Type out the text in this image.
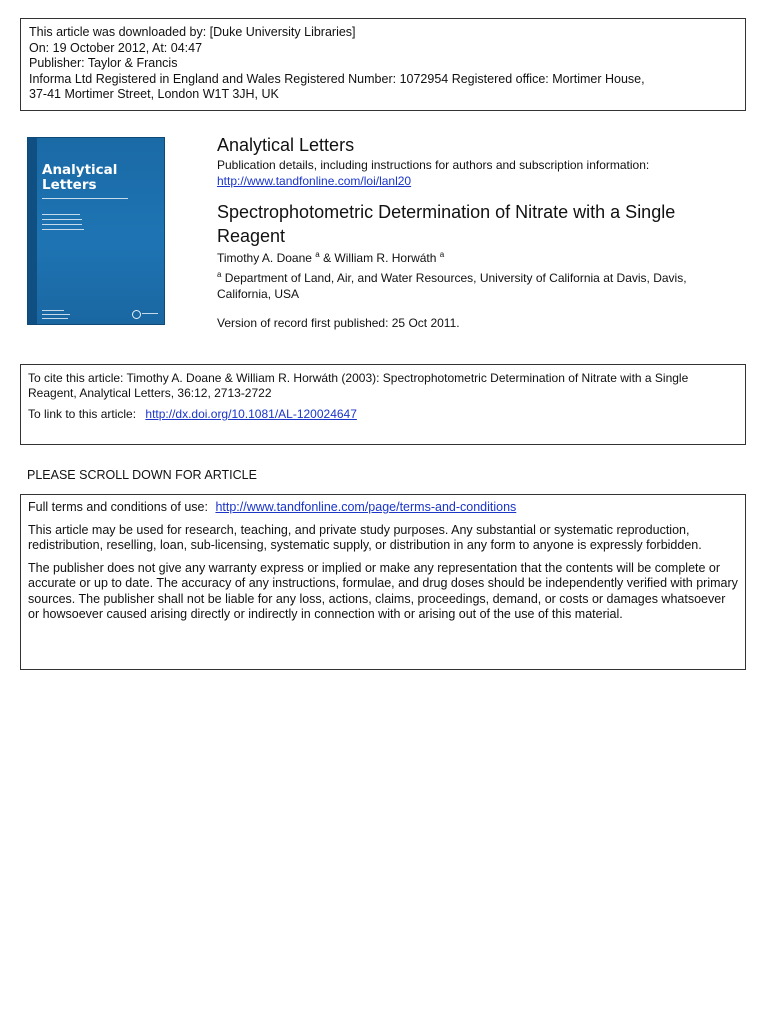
This article was downloaded by: [Duke University Libraries]
On: 19 October 2012, At: 04:47
Publisher: Taylor & Francis
Informa Ltd Registered in England and Wales Registered Number: 1072954 Registered office: Mortimer House,
37-41 Mortimer Street, London W1T 3JH, UK
Analytical
Letters
Analytical Letters
Publication details, including instructions for authors and subscription information:
http://www.tandfonline.com/loi/lanl20
Spectrophotometric Determination of Nitrate with a Single Reagent
Timothy A. Doane $^a$ & William R. Horwáth $^a$
$^a$ Department of Land, Air, and Water Resources, University of California at Davis, Davis, California, USA
Version of record first published: 25 Oct 2011.
To cite this article: Timothy A. Doane & William R. Horwáth (2003): Spectrophotometric Determination of Nitrate with a Single Reagent, Analytical Letters, 36:12, 2713-2722
To link to this article: http://dx.doi.org/10.1081/AL-120024647
PLEASE SCROLL DOWN FOR ARTICLE
Full terms and conditions of use: http://www.tandfonline.com/page/terms-and-conditions
This article may be used for research, teaching, and private study purposes. Any substantial or systematic reproduction, redistribution, reselling, loan, sub-licensing, systematic supply, or distribution in any form to anyone is expressly forbidden.
The publisher does not give any warranty express or implied or make any representation that the contents will be complete or accurate or up to date. The accuracy of any instructions, formulae, and drug doses should be independently verified with primary sources. The publisher shall not be liable for any loss, actions, claims, proceedings, demand, or costs or damages whatsoever or howsoever caused arising directly or indirectly in connection with or arising out of the use of this material.
